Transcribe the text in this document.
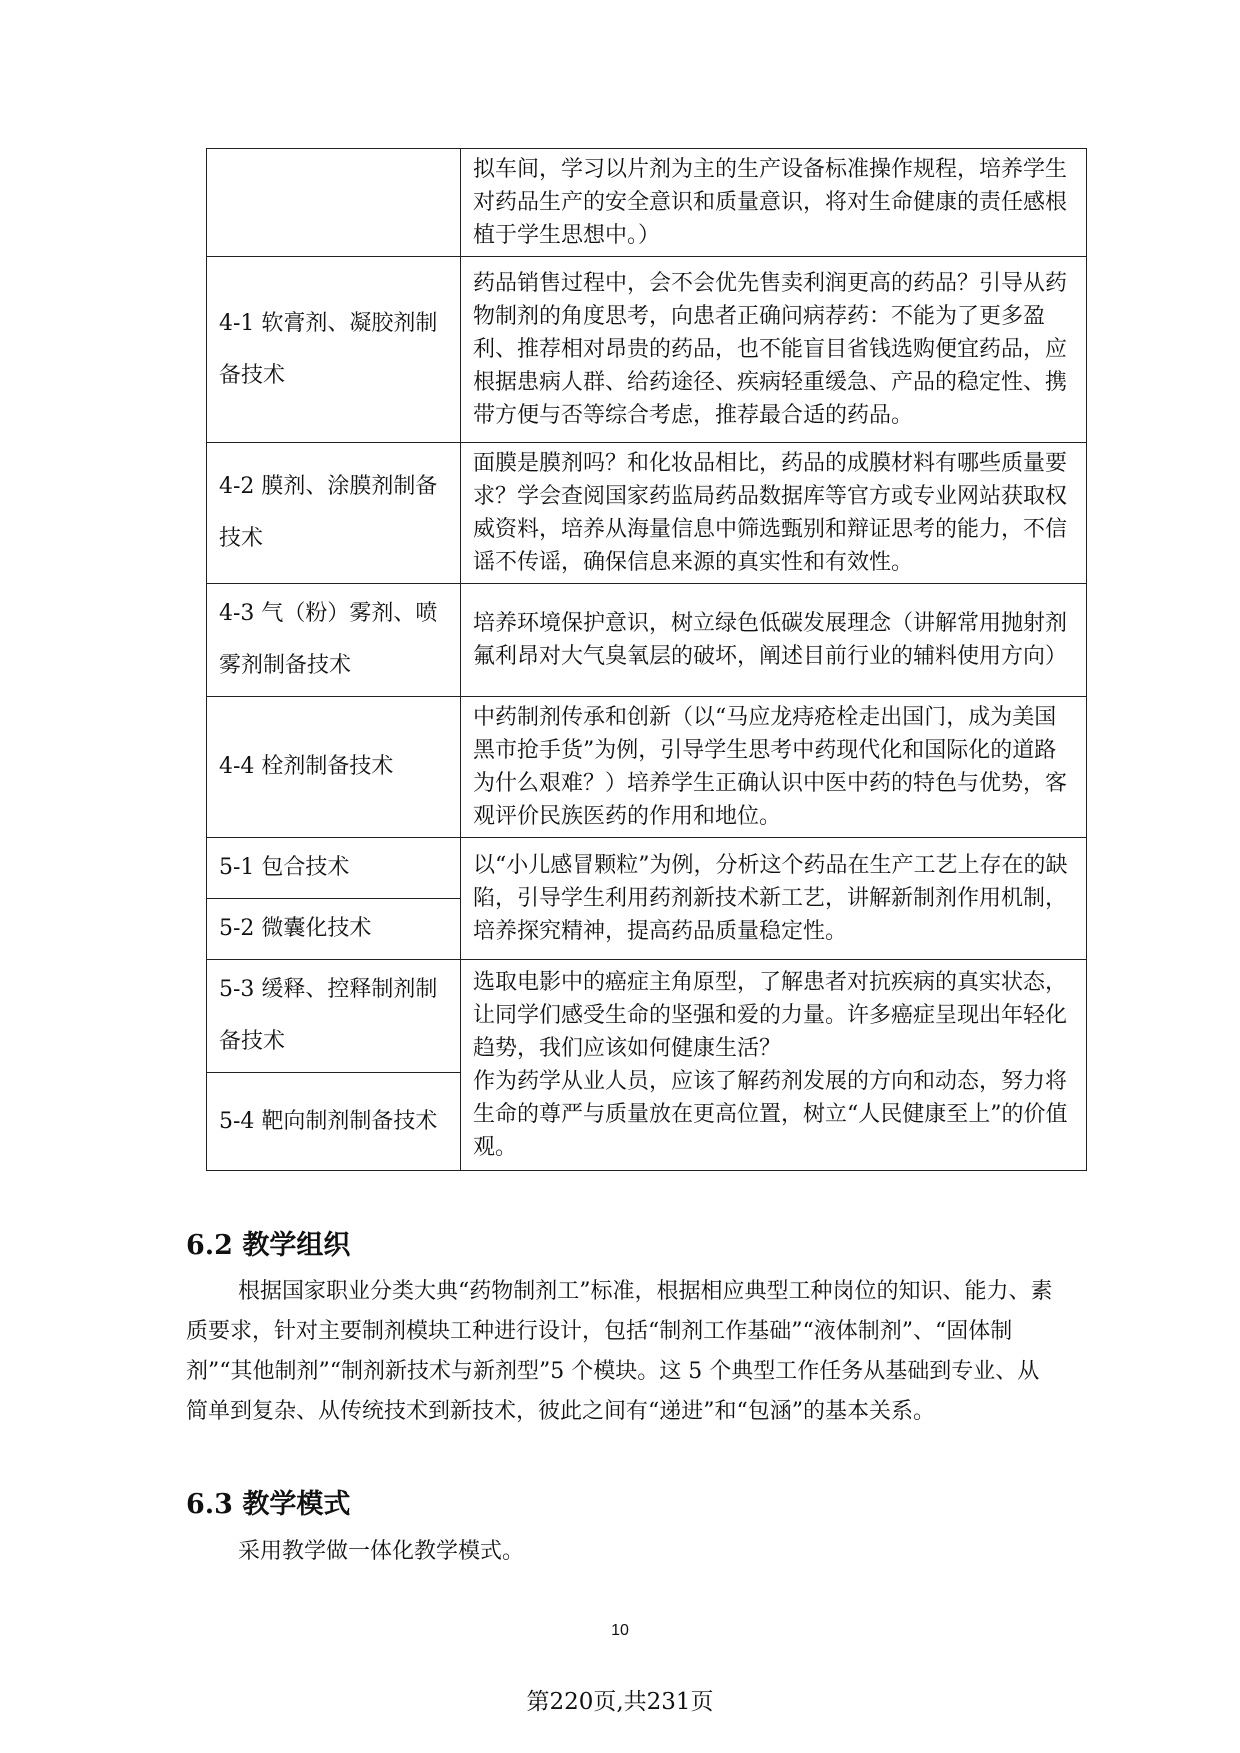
	拟车间，学习以片剂为主的生产设备标准操作规程，培养学生对药品生产的安全意识和质量意识，将对生命健康的责任感根植于学生思想中。）
4-1 软膏剂、凝胶剂制备技术	药品销售过程中，会不会优先售卖利润更高的药品？引导从药物制剂的角度思考，向患者正确问病荐药：不能为了更多盈利、推荐相对昂贵的药品，也不能盲目省钱选购便宜药品，应根据患病人群、给药途径、疾病轻重缓急、产品的稳定性、携带方便与否等综合考虑，推荐最合适的药品。
4-2 膜剂、涂膜剂制备技术	面膜是膜剂吗？和化妆品相比，药品的成膜材料有哪些质量要求？学会查阅国家药监局药品数据库等官方或专业网站获取权威资料，培养从海量信息中筛选甄别和辩证思考的能力，不信谣不传谣，确保信息来源的真实性和有效性。
4-3 气（粉）雾剂、喷雾剂制备技术	培养环境保护意识，树立绿色低碳发展理念（讲解常用抛射剂氟利昂对大气臭氧层的破坏，阐述目前行业的辅料使用方向）
4-4 栓剂制备技术	中药制剂传承和创新（以“马应龙痔疮栓走出国门，成为美国黑市抢手货”为例，引导学生思考中药现代化和国际化的道路为什么艰难？）培养学生正确认识中医中药的特色与优势，客观评价民族医药的作用和地位。
5-1 包合技术	以“小儿感冒颗粒”为例，分析这个药品在生产工艺上存在的缺陷，引导学生利用药剂新技术新工艺，讲解新制剂作用机制，培养探究精神，提高药品质量稳定性。
5-2 微囊化技术	
5-3 缓释、控释制剂制备技术	选取电影中的癌症主角原型，了解患者对抗疾病的真实状态，让同学们感受生命的坚强和爱的力量。许多癌症呈现出年轻化趋势，我们应该如何健康生活？
作为药学从业人员，应该了解药剂发展的方向和动态，努力将生命的尊严与质量放在更高位置，树立“人民健康至上”的价值观。

5-4 靶向制剂制备技术	
6.2 教学组织

根据国家职业分类大典“药物制剂工”标准，根据相应典型工种岗位的知识、能力、素质要求，针对主要制剂模块工种进行设计，包括“制剂工作基础”“液体制剂”、“固体制剂”“其他制剂”“制剂新技术与新剂型”5 个模块。这 5 个典型工作任务从基础到专业、从简单到复杂、从传统技术到新技术，彼此之间有“递进”和“包涵”的基本关系。

6.3 教学模式

采用教学做一体化教学模式。

10
第220页,共231页
